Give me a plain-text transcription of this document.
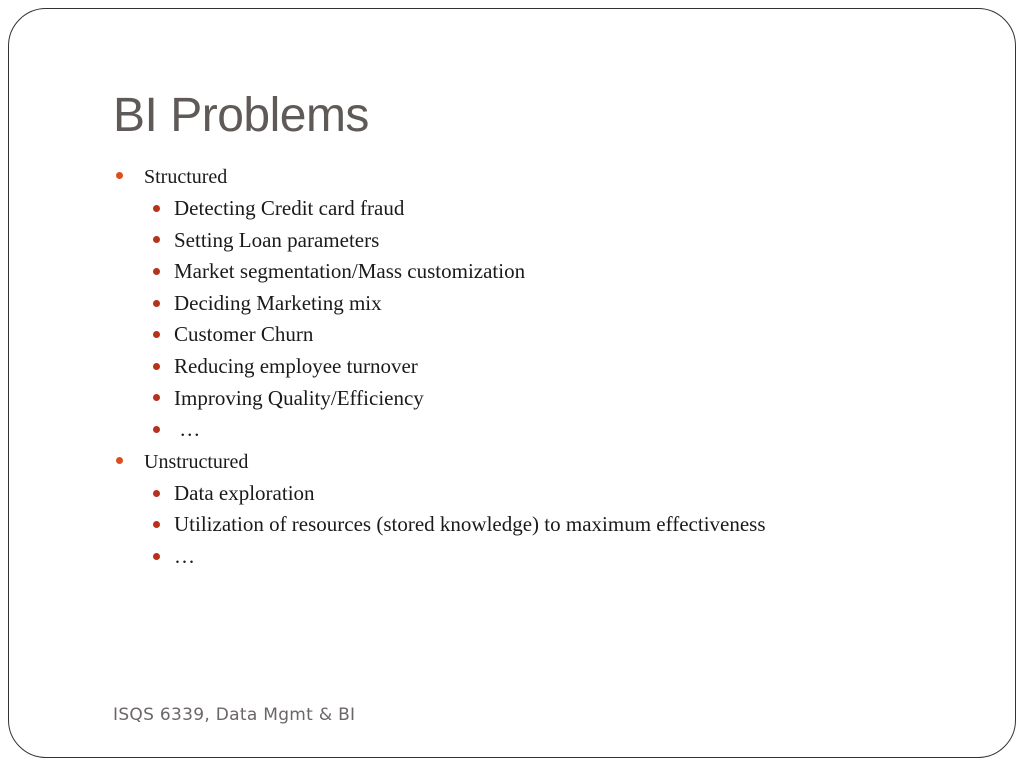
BI Problems
Structured
Detecting Credit card fraud
Setting Loan parameters
Market segmentation/Mass customization
Deciding Marketing mix
Customer Churn
Reducing employee turnover
Improving Quality/Efficiency
…
Unstructured
Data exploration
Utilization of resources (stored knowledge) to maximum effectiveness
…
ISQS 6339, Data Mgmt & BI
